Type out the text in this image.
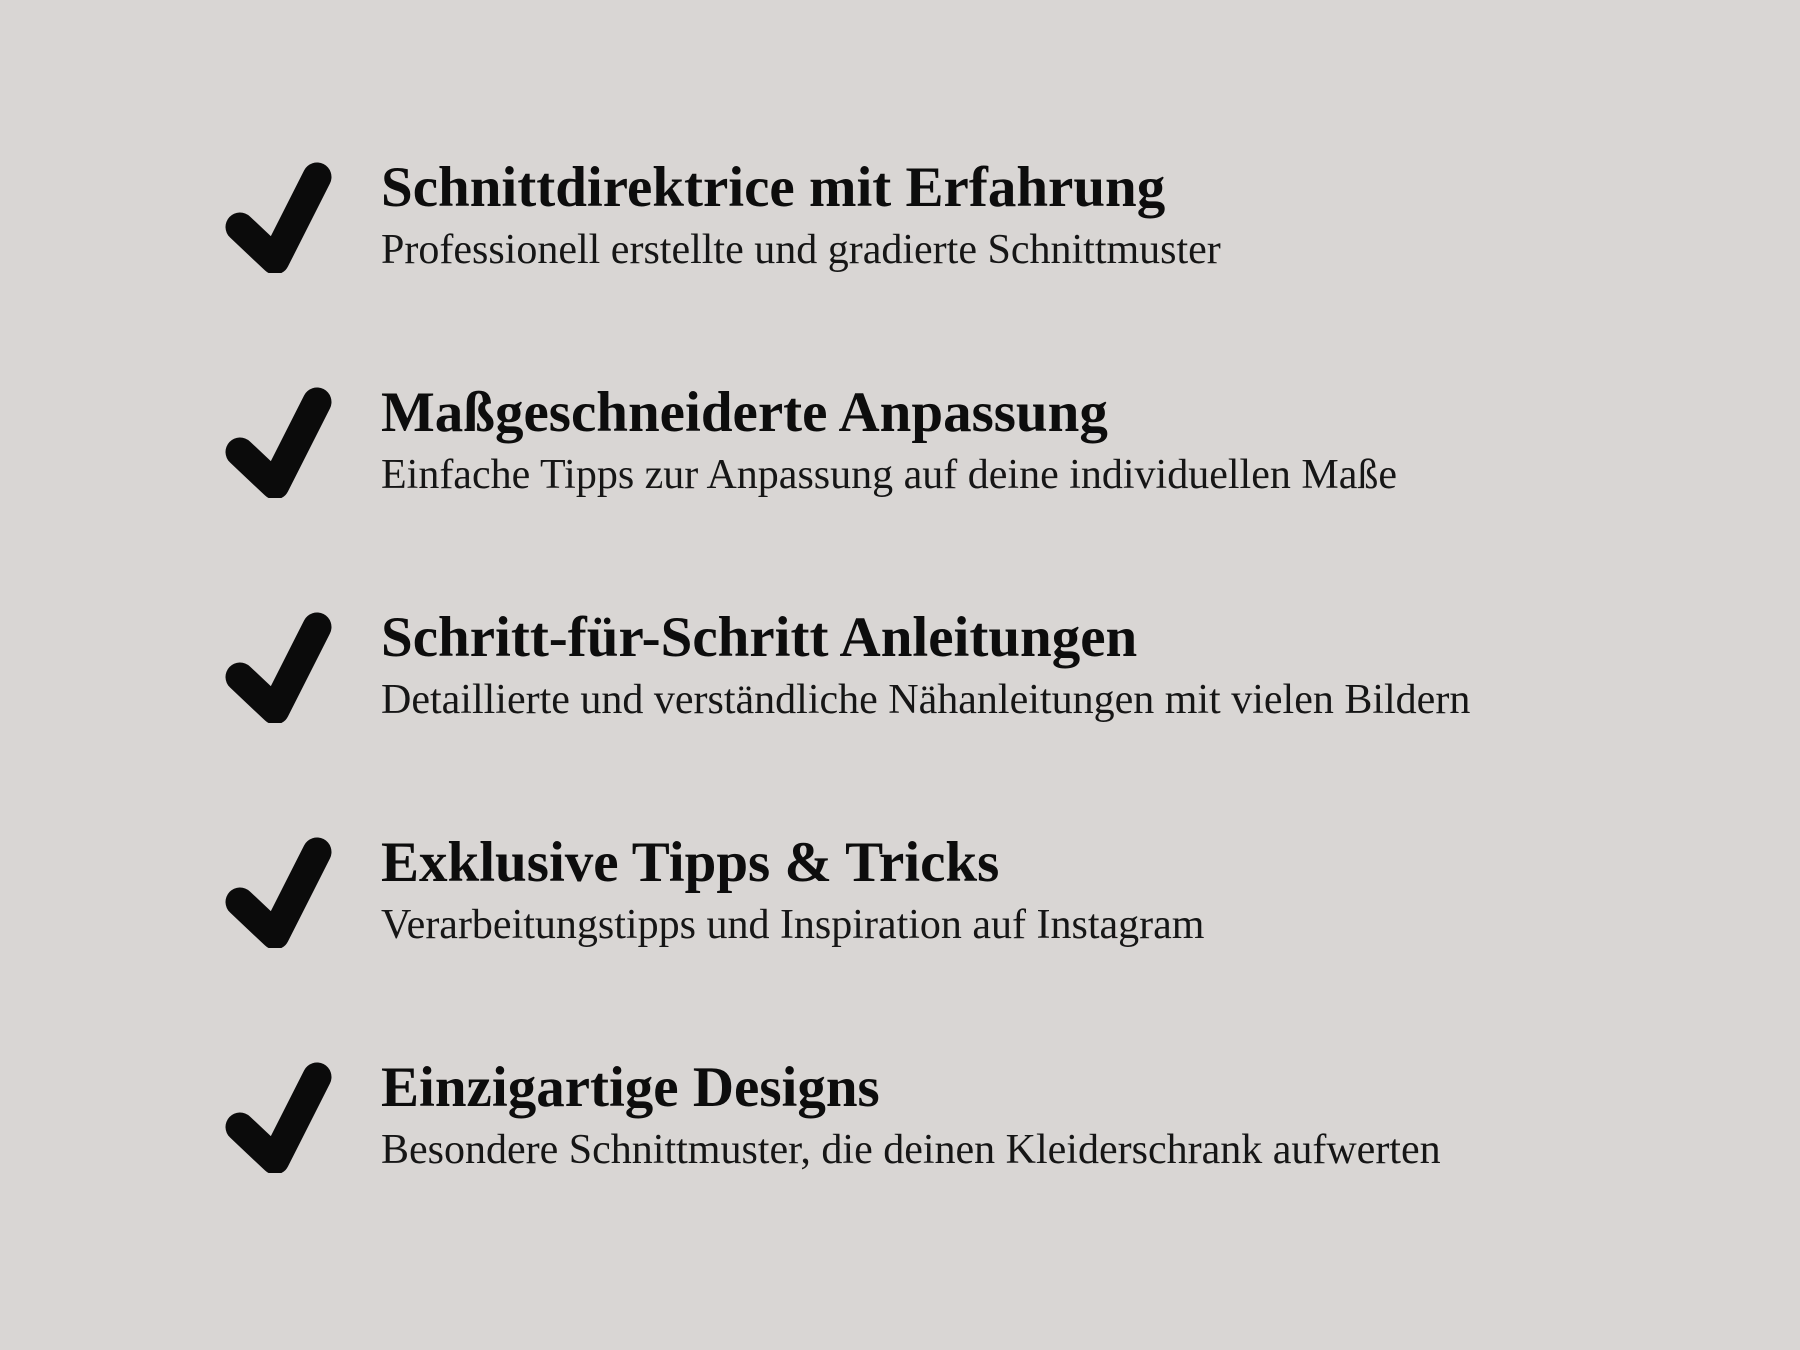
Schnittdirektrice mit Erfahrung
Professionell erstellte und gradierte Schnittmuster
Maßgeschneiderte Anpassung
Einfache Tipps zur Anpassung auf deine individuellen Maße
Schritt-für-Schritt Anleitungen
Detaillierte und verständliche Nähanleitungen mit vielen Bildern
Exklusive Tipps & Tricks
Verarbeitungstipps und Inspiration auf Instagram
Einzigartige Designs
Besondere Schnittmuster, die deinen Kleiderschrank aufwerten
